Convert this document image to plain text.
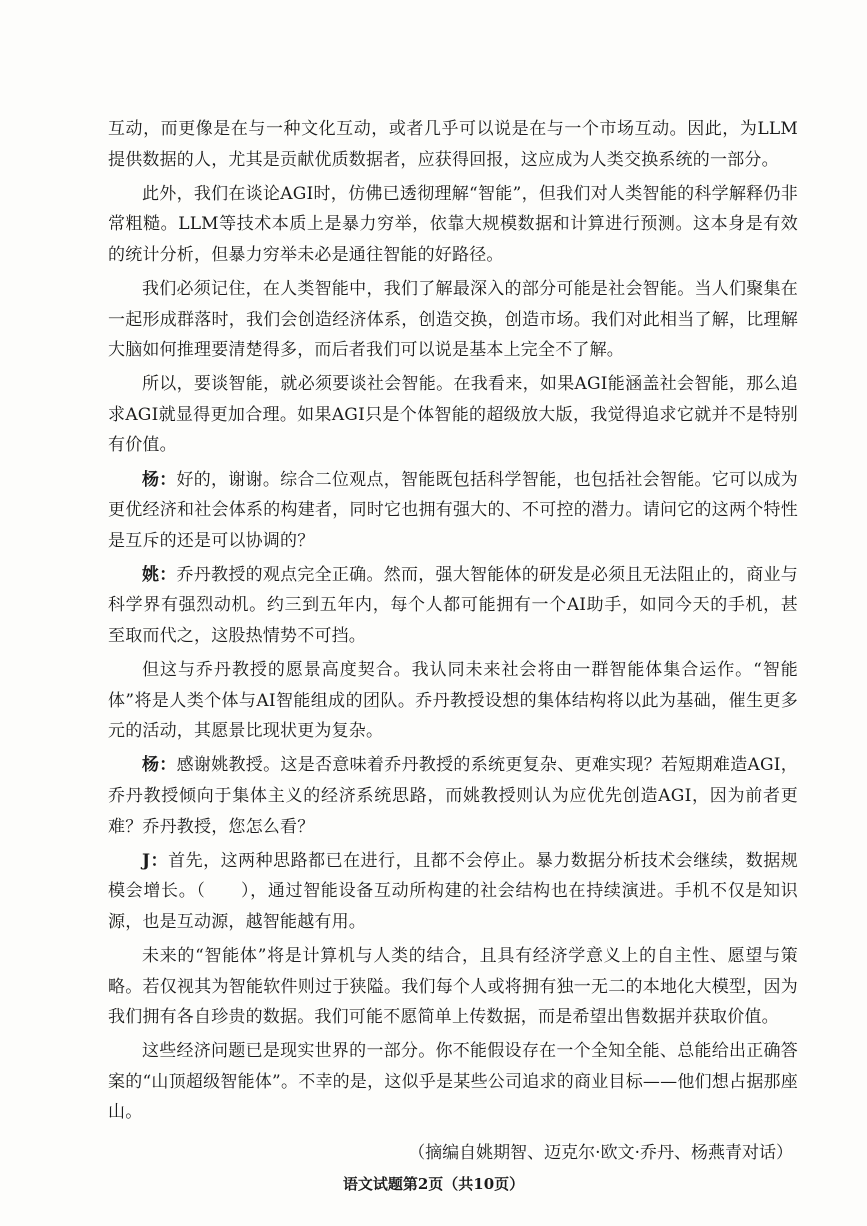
互动，而更像是在与一种文化互动，或者几乎可以说是在与一个市场互动。因此，为LLM提供数据的人，尤其是贡献优质数据者，应获得回报，这应成为人类交换系统的一部分。

此外，我们在谈论AGI时，仿佛已透彻理解“智能”，但我们对人类智能的科学解释仍非常粗糙。LLM等技术本质上是暴力穷举，依靠大规模数据和计算进行预测。这本身是有效的统计分析，但暴力穷举未必是通往智能的好路径。

我们必须记住，在人类智能中，我们了解最深入的部分可能是社会智能。当人们聚集在一起形成群落时，我们会创造经济体系，创造交换，创造市场。我们对此相当了解，比理解大脑如何推理要清楚得多，而后者我们可以说是基本上完全不了解。

所以，要谈智能，就必须要谈社会智能。在我看来，如果AGI能涵盖社会智能，那么追求AGI就显得更加合理。如果AGI只是个体智能的超级放大版，我觉得追求它就并不是特别有价值。

杨：好的，谢谢。综合二位观点，智能既包括科学智能，也包括社会智能。它可以成为更优经济和社会体系的构建者，同时它也拥有强大的、不可控的潜力。请问它的这两个特性是互斥的还是可以协调的？

姚：乔丹教授的观点完全正确。然而，强大智能体的研发是必须且无法阻止的，商业与科学界有强烈动机。约三到五年内，每个人都可能拥有一个AI助手，如同今天的手机，甚至取而代之，这股热情势不可挡。

但这与乔丹教授的愿景高度契合。我认同未来社会将由一群智能体集合运作。“智能体”将是人类个体与AI智能组成的团队。乔丹教授设想的集体结构将以此为基础，催生更多元的活动，其愿景比现状更为复杂。

杨：感谢姚教授。这是否意味着乔丹教授的系统更复杂、更难实现？若短期难造AGI，乔丹教授倾向于集体主义的经济系统思路，而姚教授则认为应优先创造AGI，因为前者更难？乔丹教授，您怎么看？

J：首先，这两种思路都已在进行，且都不会停止。暴力数据分析技术会继续，数据规模会增长。（　　），通过智能设备互动所构建的社会结构也在持续演进。手机不仅是知识源，也是互动源，越智能越有用。

未来的“智能体”将是计算机与人类的结合，且具有经济学意义上的自主性、愿望与策略。若仅视其为智能软件则过于狭隘。我们每个人或将拥有独一无二的本地化大模型，因为我们拥有各自珍贵的数据。我们可能不愿简单上传数据，而是希望出售数据并获取价值。

这些经济问题已是现实世界的一部分。你不能假设存在一个全知全能、总能给出正确答案的“山顶超级智能体”。不幸的是，这似乎是某些公司追求的商业目标——他们想占据那座山。

（摘编自姚期智、迈克尔·欧文·乔丹、杨燕青对话）
语文试题第2页（共10页）
